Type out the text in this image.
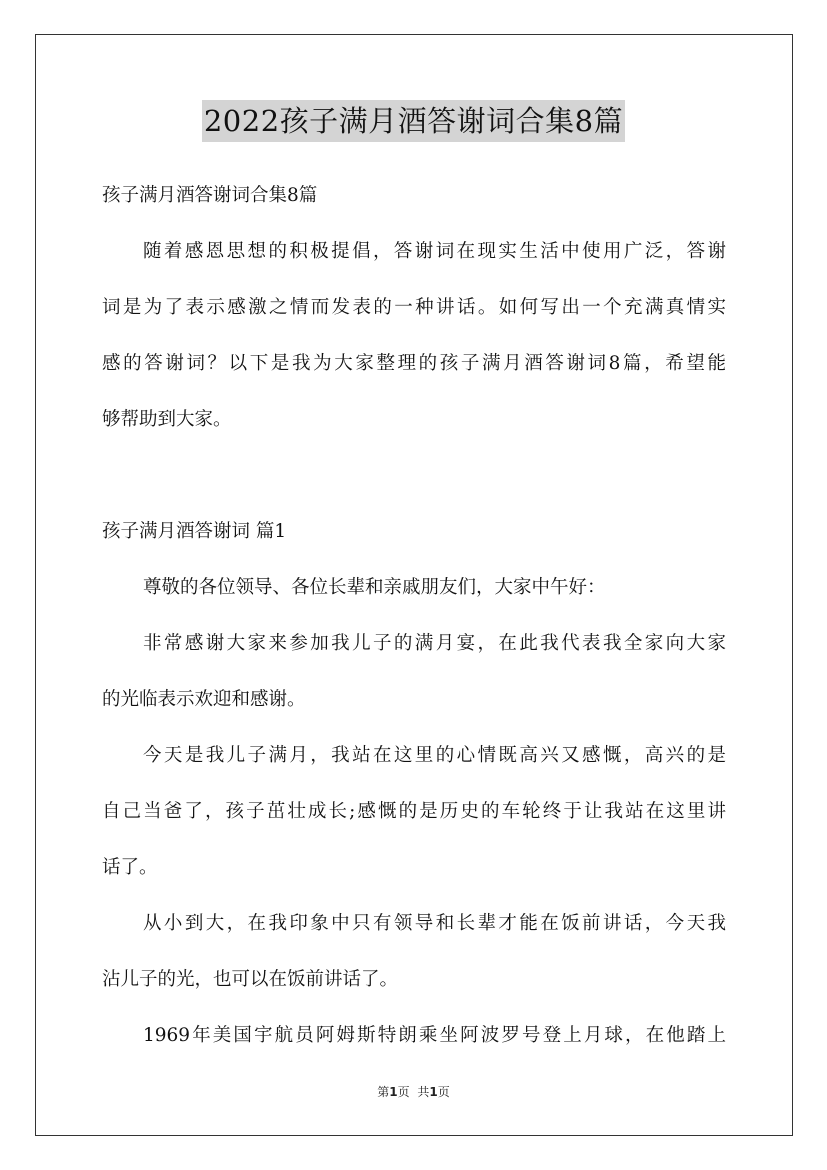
2022孩子满月酒答谢词合集8篇
孩子满月酒答谢词合集8篇
随着感恩思想的积极提倡，答谢词在现实生活中使用广泛，答谢
词是为了表示感激之情而发表的一种讲话。如何写出一个充满真情实
感的答谢词？以下是我为大家整理的孩子满月酒答谢词8篇，希望能
够帮助到大家。
孩子满月酒答谢词 篇1
尊敬的各位领导、各位长辈和亲戚朋友们，大家中午好：
非常感谢大家来参加我儿子的满月宴，在此我代表我全家向大家
的光临表示欢迎和感谢。
今天是我儿子满月，我站在这里的心情既高兴又感慨，高兴的是
自己当爸了，孩子茁壮成长;感慨的是历史的车轮终于让我站在这里讲
话了。
从小到大，在我印象中只有领导和长辈才能在饭前讲话，今天我
沾儿子的光，也可以在饭前讲话了。
1969年美国宇航员阿姆斯特朗乘坐阿波罗号登上月球，在他踏上
第1页 共1页
